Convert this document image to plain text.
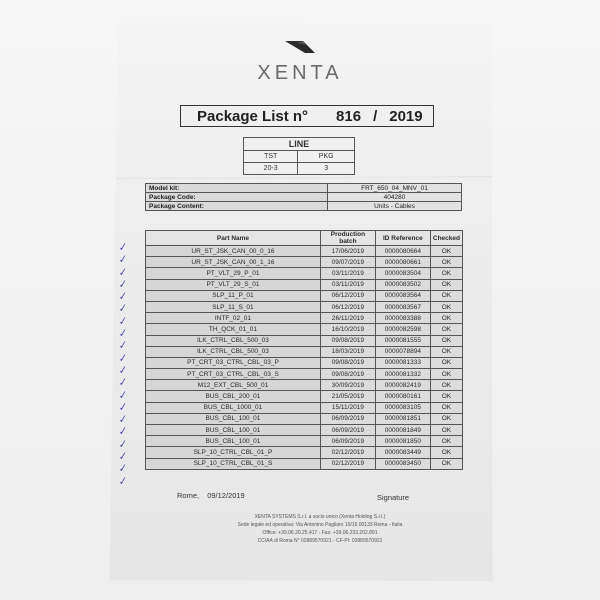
XENTA
Package List n° 816 / 2019
LINE	
TST	PKG
20-3	3
Model kit:	FRT_650_04_MNV_01
Package Code:	404280
Package Content:	Units - Cables
✓
✓
✓
✓
✓
✓
✓
✓
✓
✓
✓
✓
✓
✓
✓
✓
✓
✓
✓
✓
Part Name	Production batch	ID Reference	Checked
UR_ST_JSK_CAN_00_0_16	17/06/2019	0000080664	OK
UR_ST_JSK_CAN_00_1_16	09/07/2019	0000080661	OK
PT_VLT_29_P_01	03/11/2019	0000083504	OK
PT_VLT_29_S_01	03/11/2019	0000083502	OK
SLP_11_P_01	06/12/2019	0000083564	OK
SLP_11_S_01	06/12/2019	0000083567	OK
INTF_02_01	26/11/2019	0000083388	OK
TH_QCK_01_01	16/10/2019	0000082598	OK
ILK_CTRL_CBL_500_03	09/08/2019	0000081555	OK
ILK_CTRL_CBL_500_03	18/03/2019	0000078894	OK
PT_CRT_03_CTRL_CBL_03_P	09/08/2019	0000081333	OK
PT_CRT_03_CTRL_CBL_03_S	09/08/2019	0000081332	OK
M12_EXT_CBL_500_01	30/09/2019	0000082419	OK
BUS_CBL_200_01	21/05/2019	0000080161	OK
BUS_CBL_1000_01	15/11/2019	0000083105	OK
BUS_CBL_100_01	06/09/2019	0000081851	OK
BUS_CBL_100_01	06/09/2019	0000081849	OK
BUS_CBL_100_01	06/09/2019	0000081850	OK
SLP_10_CTRL_CBL_01_P	02/12/2019	0000083449	OK
SLP_10_CTRL_CBL_01_S	02/12/2019	0000083450	OK
Rome, 09/12/2019	Signature
XENTA SYSTEMS S.r.l. a socio unico (Xenta Holding S.r.l.)
Sede legale ed operativa: Via Antonino Pagliaro 10/16 00133 Roma - Italia
Office: +39.06.20.25.417 - Fax: +39.06.233.202.891
CCIAA di Roma N° 02889570921 - CF-PI: 02889570921
